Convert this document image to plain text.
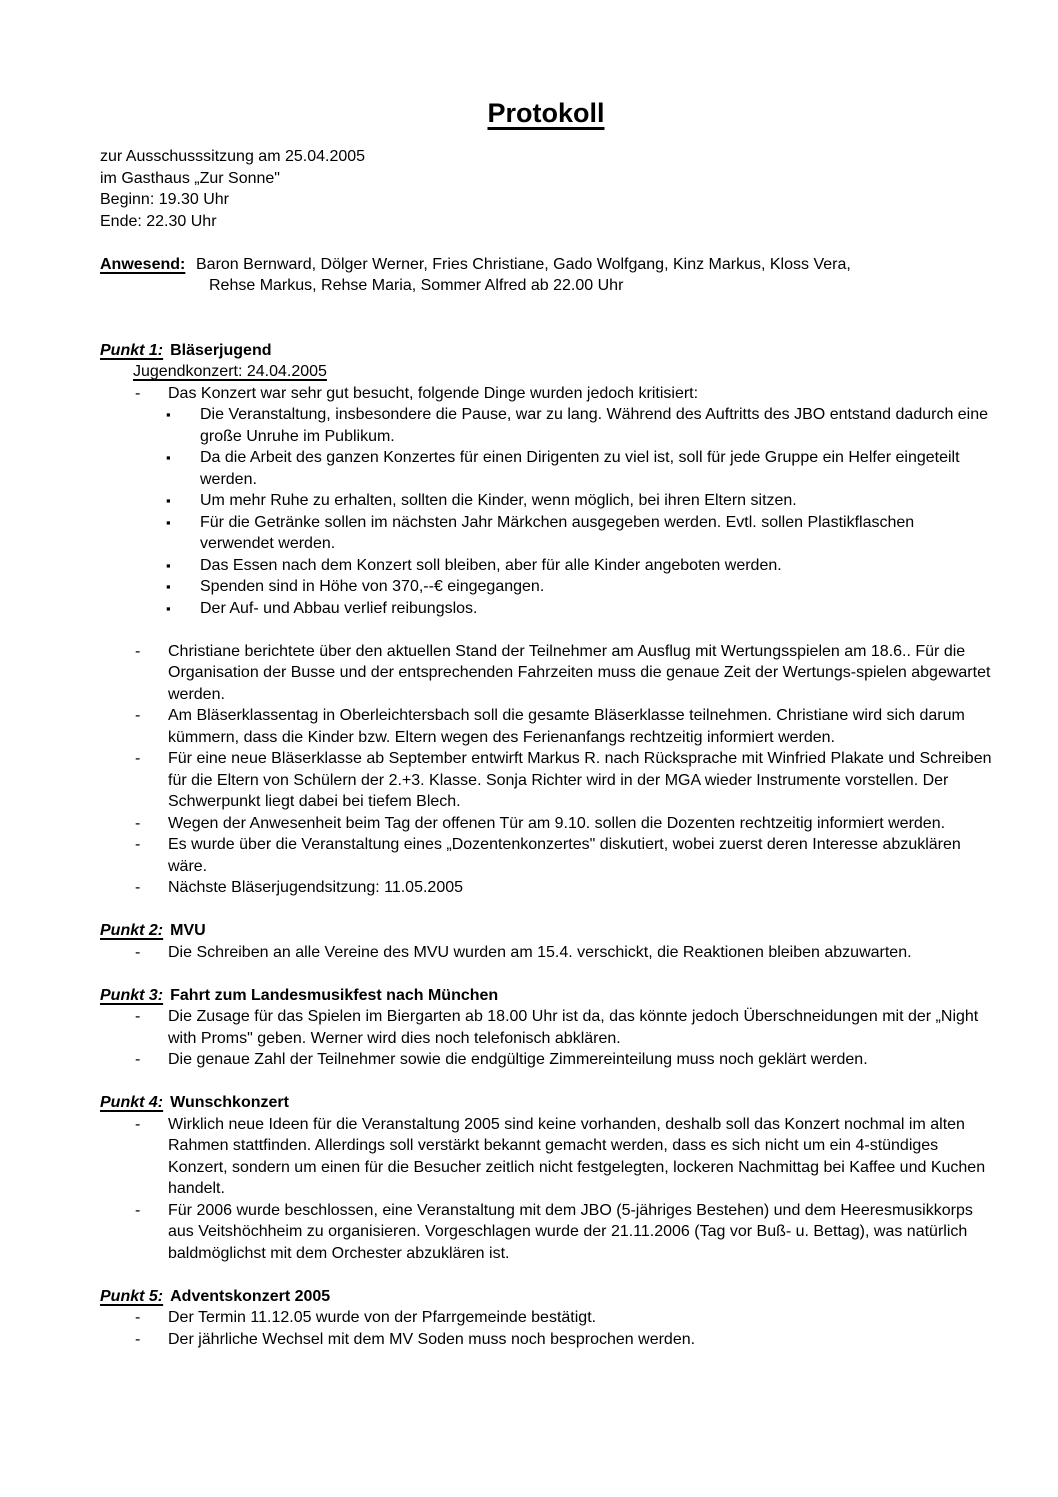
Protokoll
zur Ausschusssitzung am 25.04.2005
im Gasthaus „Zur Sonne"
Beginn: 19.30 Uhr
Ende: 22.30 Uhr
Anwesend: Baron Bernward, Dölger Werner, Fries Christiane, Gado Wolfgang, Kinz Markus, Kloss Vera,
Rehse Markus, Rehse Maria, Sommer Alfred ab 22.00 Uhr
Punkt 1: Bläserjugend
Jugendkonzert: 24.04.2005
-	Das Konzert war sehr gut besucht, folgende Dinge wurden jedoch kritisiert:
▪	Die Veranstaltung, insbesondere die Pause, war zu lang. Während des Auftritts des JBO entstand dadurch eine große Unruhe im Publikum.
▪	Da die Arbeit des ganzen Konzertes für einen Dirigenten zu viel ist, soll für jede Gruppe ein Helfer eingeteilt werden.
▪	Um mehr Ruhe zu erhalten, sollten die Kinder, wenn möglich, bei ihren Eltern sitzen.
▪	Für die Getränke sollen im nächsten Jahr Märkchen ausgegeben werden. Evtl. sollen Plastikflaschen verwendet werden.
▪	Das Essen nach dem Konzert soll bleiben, aber für alle Kinder angeboten werden.
▪	Spenden sind in Höhe von 370,--€ eingegangen.
▪	Der Auf- und Abbau verlief reibungslos.
-	Christiane berichtete über den aktuellen Stand der Teilnehmer am Ausflug mit Wertungsspielen am 18.6.. Für die Organisation der Busse und der entsprechenden Fahrzeiten muss die genaue Zeit der Wertungs-spielen abgewartet werden.
-	Am Bläserklassentag in Oberleichtersbach soll die gesamte Bläserklasse teilnehmen. Christiane wird sich darum kümmern, dass die Kinder bzw. Eltern wegen des Ferienanfangs rechtzeitig informiert werden.
-	Für eine neue Bläserklasse ab September entwirft Markus R. nach Rücksprache mit Winfried Plakate und Schreiben für die Eltern von Schülern der 2.+3. Klasse. Sonja Richter wird in der MGA wieder Instrumente vorstellen. Der Schwerpunkt liegt dabei bei tiefem Blech.
-	Wegen der Anwesenheit beim Tag der offenen Tür am 9.10. sollen die Dozenten rechtzeitig informiert werden.
-	Es wurde über die Veranstaltung eines „Dozentenkonzertes" diskutiert, wobei zuerst deren Interesse abzuklären wäre.
-	Nächste Bläserjugendsitzung: 11.05.2005
Punkt 2: MVU
-	Die Schreiben an alle Vereine des MVU wurden am 15.4. verschickt, die Reaktionen bleiben abzuwarten.
Punkt 3: Fahrt zum Landesmusikfest nach München
-	Die Zusage für das Spielen im Biergarten ab 18.00 Uhr ist da, das könnte jedoch Überschneidungen mit der „Night with Proms" geben. Werner wird dies noch telefonisch abklären.
-	Die genaue Zahl der Teilnehmer sowie die endgültige Zimmereinteilung muss noch geklärt werden.
Punkt 4: Wunschkonzert
-	Wirklich neue Ideen für die Veranstaltung 2005 sind keine vorhanden, deshalb soll das Konzert nochmal im alten Rahmen stattfinden. Allerdings soll verstärkt bekannt gemacht werden, dass es sich nicht um ein 4-stündiges Konzert, sondern um einen für die Besucher zeitlich nicht festgelegten, lockeren Nachmittag bei Kaffee und Kuchen handelt.
-	Für 2006 wurde beschlossen, eine Veranstaltung mit dem JBO (5-jähriges Bestehen) und dem Heeresmusikkorps aus Veitshöchheim zu organisieren. Vorgeschlagen wurde der 21.11.2006 (Tag vor Buß- u. Bettag), was natürlich baldmöglichst mit dem Orchester abzuklären ist.
Punkt 5: Adventskonzert 2005
-	Der Termin 11.12.05 wurde von der Pfarrgemeinde bestätigt.
-	Der jährliche Wechsel mit dem MV Soden muss noch besprochen werden.
